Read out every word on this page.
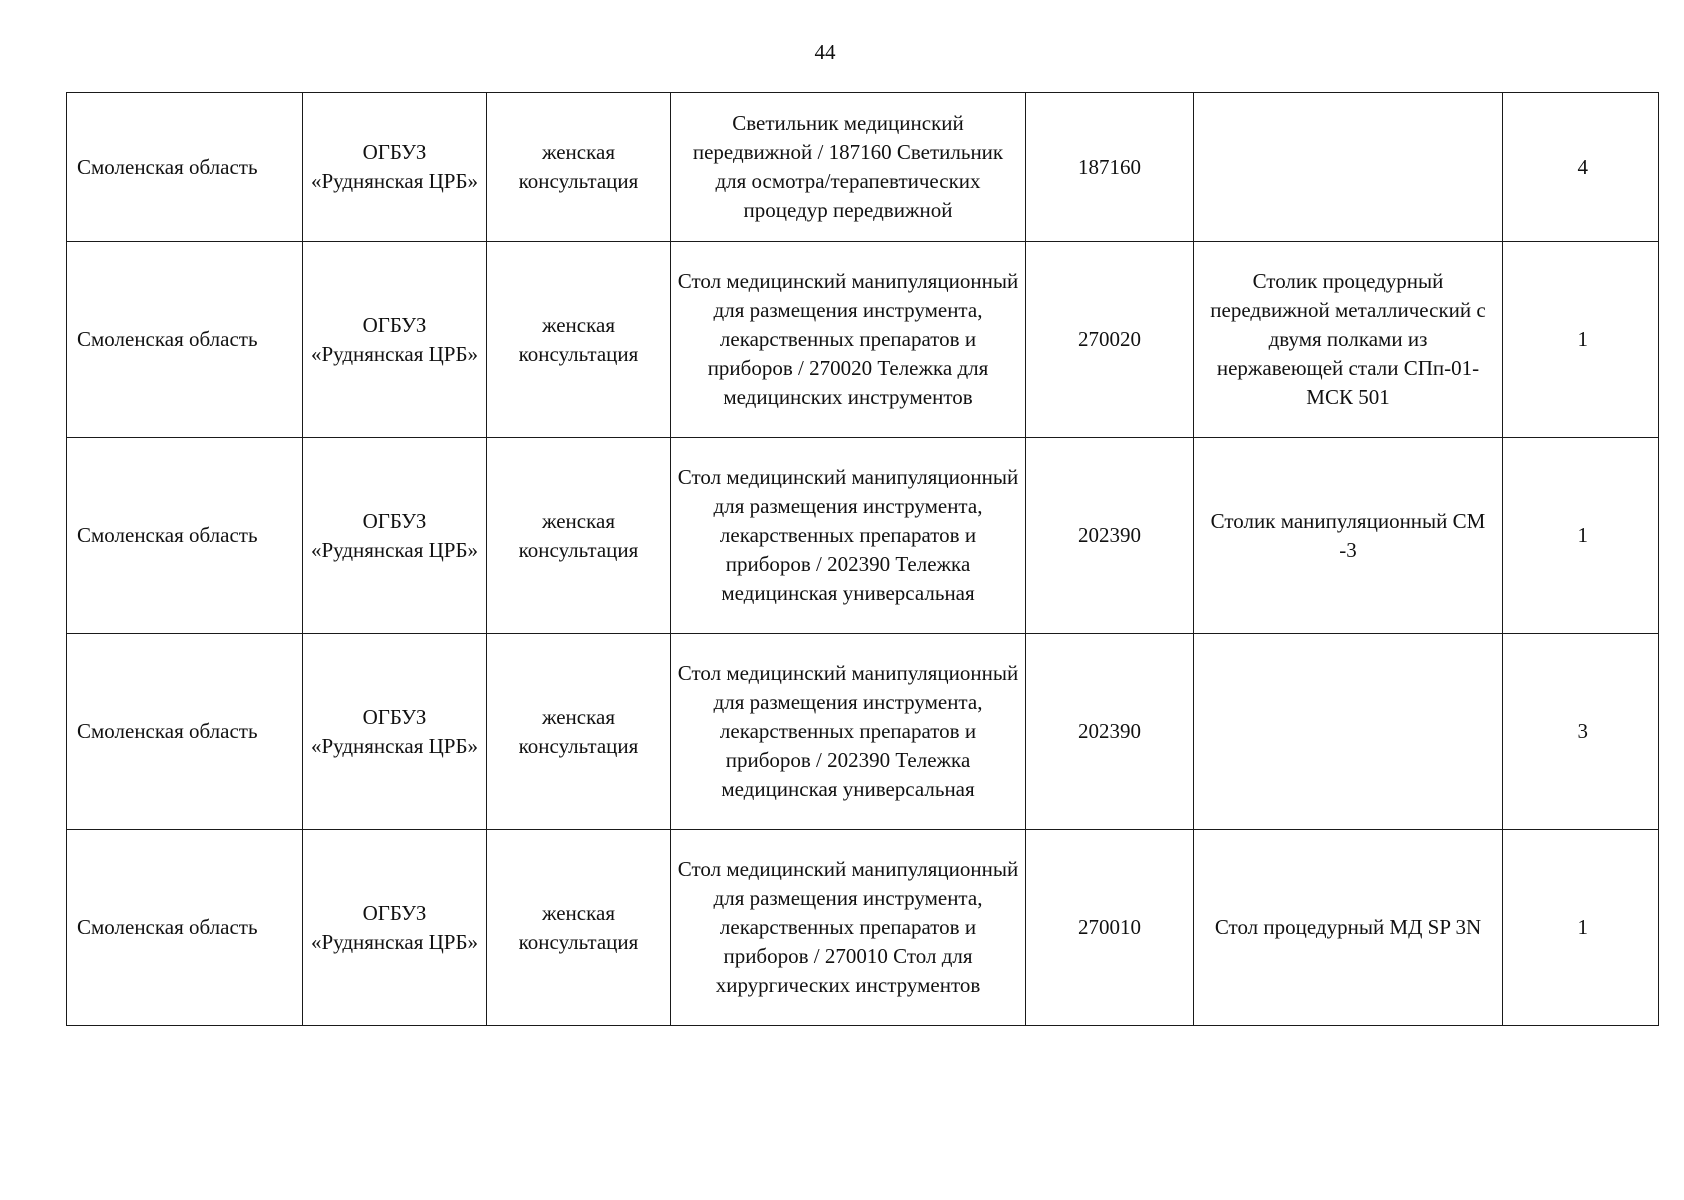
44
Смоленская область	ОГБУЗ «Руднянская ЦРБ»	женская консультация	Светильник медицинский передвижной / 187160 Светильник для осмотра/терапевтических процедур передвижной	187160		4
Смоленская область	ОГБУЗ «Руднянская ЦРБ»	женская консультация	Стол медицинский манипуляционный для размещения инструмента, лекарственных препаратов и приборов / 270020 Тележка для медицинских инструментов	270020	Столик процедурный передвижной металлический с двумя полками из нержавеющей стали СПп-01-МСК 501	1
Смоленская область	ОГБУЗ «Руднянская ЦРБ»	женская консультация	Стол медицинский манипуляционный для размещения инструмента, лекарственных препаратов и приборов / 202390 Тележка медицинская универсальная	202390	Столик манипуляционный СМ -3	1
Смоленская область	ОГБУЗ «Руднянская ЦРБ»	женская консультация	Стол медицинский манипуляционный для размещения инструмента, лекарственных препаратов и приборов / 202390 Тележка медицинская универсальная	202390		3
Смоленская область	ОГБУЗ «Руднянская ЦРБ»	женская консультация	Стол медицинский манипуляционный для размещения инструмента, лекарственных препаратов и приборов / 270010 Стол для хирургических инструментов	270010	Стол процедурный МД SP 3N	1
